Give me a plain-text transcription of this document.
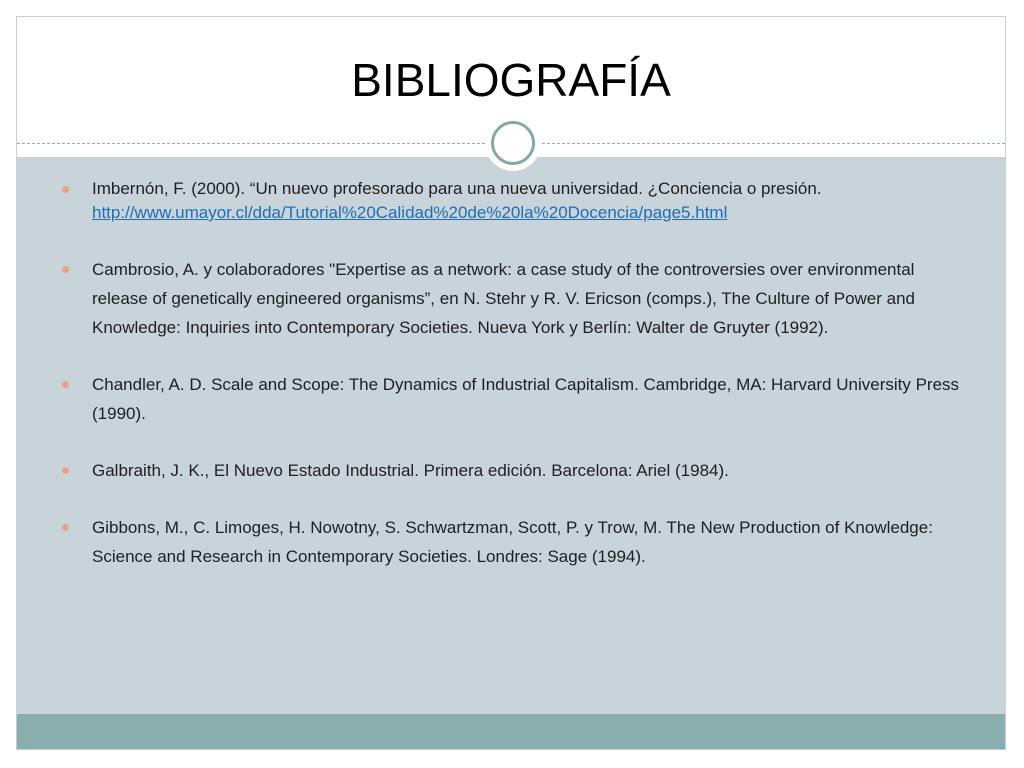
BIBLIOGRAFÍA
Imbernón, F. (2000). “Un nuevo profesorado para una nueva universidad. ¿Conciencia o presión.
http://www.umayor.cl/dda/Tutorial%20Calidad%20de%20la%20Docencia/page5.html
Cambrosio, A. y colaboradores "Expertise as a network: a case study of the controversies over environmental release of genetically engineered organisms”, en N. Stehr y R. V. Ericson (comps.), The Culture of Power and Knowledge: Inquiries into Contemporary Societies. Nueva York y Berlín: Walter de Gruyter (1992).
Chandler, A. D. Scale and Scope: The Dynamics of Industrial Capitalism. Cambridge, MA: Harvard University Press (1990).
Galbraith, J. K., El Nuevo Estado Industrial. Primera edición. Barcelona: Ariel (1984).
Gibbons, M., C. Limoges, H. Nowotny, S. Schwartzman, Scott, P. y Trow, M. The New Production of Knowledge: Science and Research in Contemporary Societies. Londres: Sage (1994).
